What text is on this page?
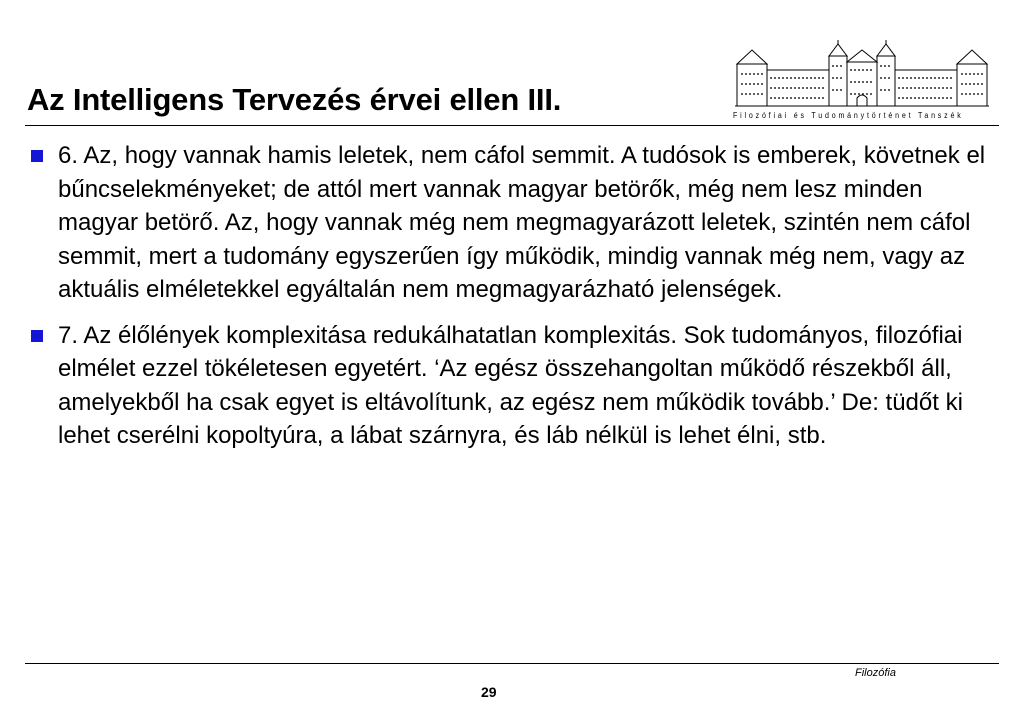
Az Intelligens Tervezés érvei ellen III.	Filozófiai és Tudománytörténet Tanszék
6. Az, hogy vannak hamis leletek, nem cáfol semmit. A tudósok is emberek, követnek el bűncselekményeket; de attól mert vannak magyar betörők, még nem lesz minden magyar betörő. Az, hogy vannak még nem megmagyarázott leletek, szintén nem cáfol semmit, mert a tudomány egyszerűen így működik, mindig vannak még nem, vagy az aktuális elméletekkel egyáltalán nem megmagyarázható jelenségek.
7. Az élőlények komplexitása redukálhatatlan komplexitás. Sok tudományos, filozófiai elmélet ezzel tökéletesen egyetért. ‘Az egész összehangoltan működő részekből áll, amelyekből ha csak egyet is eltávolítunk, az egész nem működik tovább.’ De: tüdőt ki lehet cserélni kopoltyúra, a lábat szárnyra, és láb nélkül is lehet élni, stb.
Filozófia
29
